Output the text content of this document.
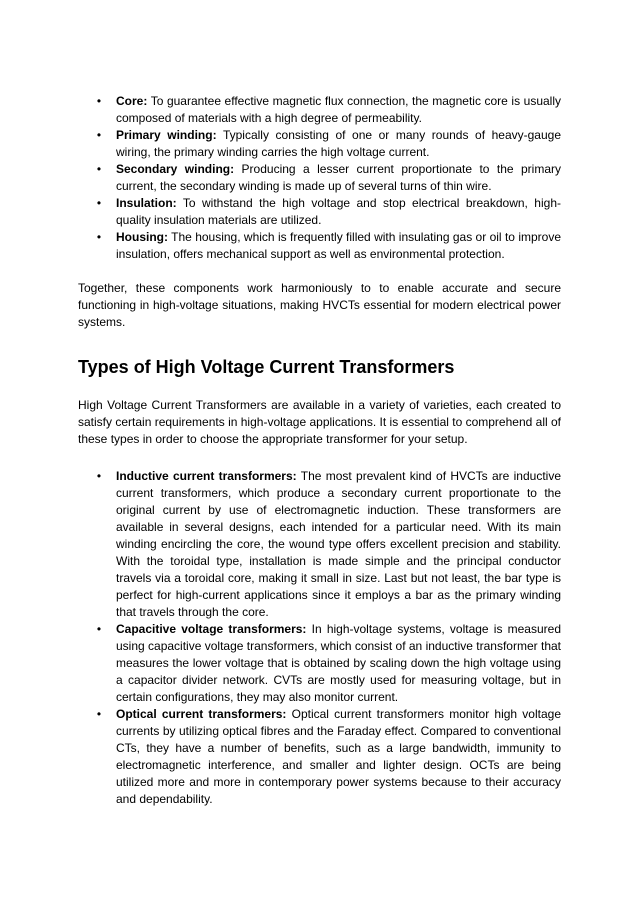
• Core: To guarantee effective magnetic flux connection, the magnetic core is usually composed of materials with a high degree of permeability.
• Primary winding: Typically consisting of one or many rounds of heavy-gauge wiring, the primary winding carries the high voltage current.
• Secondary winding: Producing a lesser current proportionate to the primary current, the secondary winding is made up of several turns of thin wire.
• Insulation: To withstand the high voltage and stop electrical breakdown, high-quality insulation materials are utilized.
• Housing: The housing, which is frequently filled with insulating gas or oil to improve insulation, offers mechanical support as well as environmental protection.

Together, these components work harmoniously to to enable accurate and secure functioning in high-voltage situations, making HVCTs essential for modern electrical power systems.

Types of High Voltage Current Transformers

High Voltage Current Transformers are available in a variety of varieties, each created to satisfy certain requirements in high-voltage applications. It is essential to comprehend all of these types in order to choose the appropriate transformer for your setup.

• Inductive current transformers: The most prevalent kind of HVCTs are inductive current transformers, which produce a secondary current proportionate to the original current by use of electromagnetic induction. These transformers are available in several designs, each intended for a particular need. With its main winding encircling the core, the wound type offers excellent precision and stability. With the toroidal type, installation is made simple and the principal conductor travels via a toroidal core, making it small in size. Last but not least, the bar type is perfect for high-current applications since it employs a bar as the primary winding that travels through the core.
• Capacitive voltage transformers: In high-voltage systems, voltage is measured using capacitive voltage transformers, which consist of an inductive transformer that measures the lower voltage that is obtained by scaling down the high voltage using a capacitor divider network. CVTs are mostly used for measuring voltage, but in certain configurations, they may also monitor current.
• Optical current transformers: Optical current transformers monitor high voltage currents by utilizing optical fibres and the Faraday effect. Compared to conventional CTs, they have a number of benefits, such as a large bandwidth, immunity to electromagnetic interference, and smaller and lighter design. OCTs are being utilized more and more in contemporary power systems because to their accuracy and dependability.
